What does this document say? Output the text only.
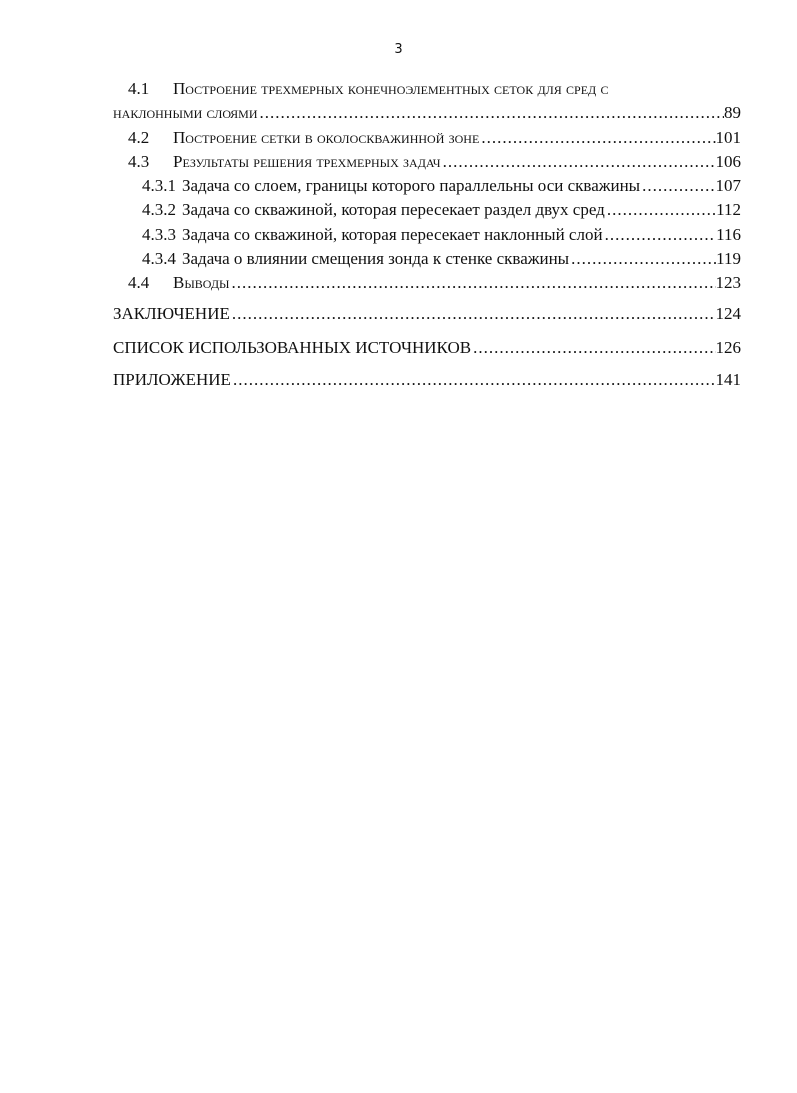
3
4.1 Построение трехмерных конечноэлементных сеток для сред с
наклонными слоями .....	89
4.2 Построение сетки в околоскважинной зоне .....	101
4.3 Результаты решения трехмерных задач .....	106
4.3.1 Задача со слоем, границы которого параллельны оси скважины .....	107
4.3.2 Задача со скважиной, которая пересекает раздел двух сред .....	112
4.3.3 Задача со скважиной, которая пересекает наклонный слой .....	116
4.3.4 Задача о влиянии смещения зонда к стенке скважины .....	119
4.4 Выводы .....	123
ЗАКЛЮЧЕНИЕ .....	124
СПИСОК ИСПОЛЬЗОВАННЫХ ИСТОЧНИКОВ .....	126
ПРИЛОЖЕНИЕ .....	141
